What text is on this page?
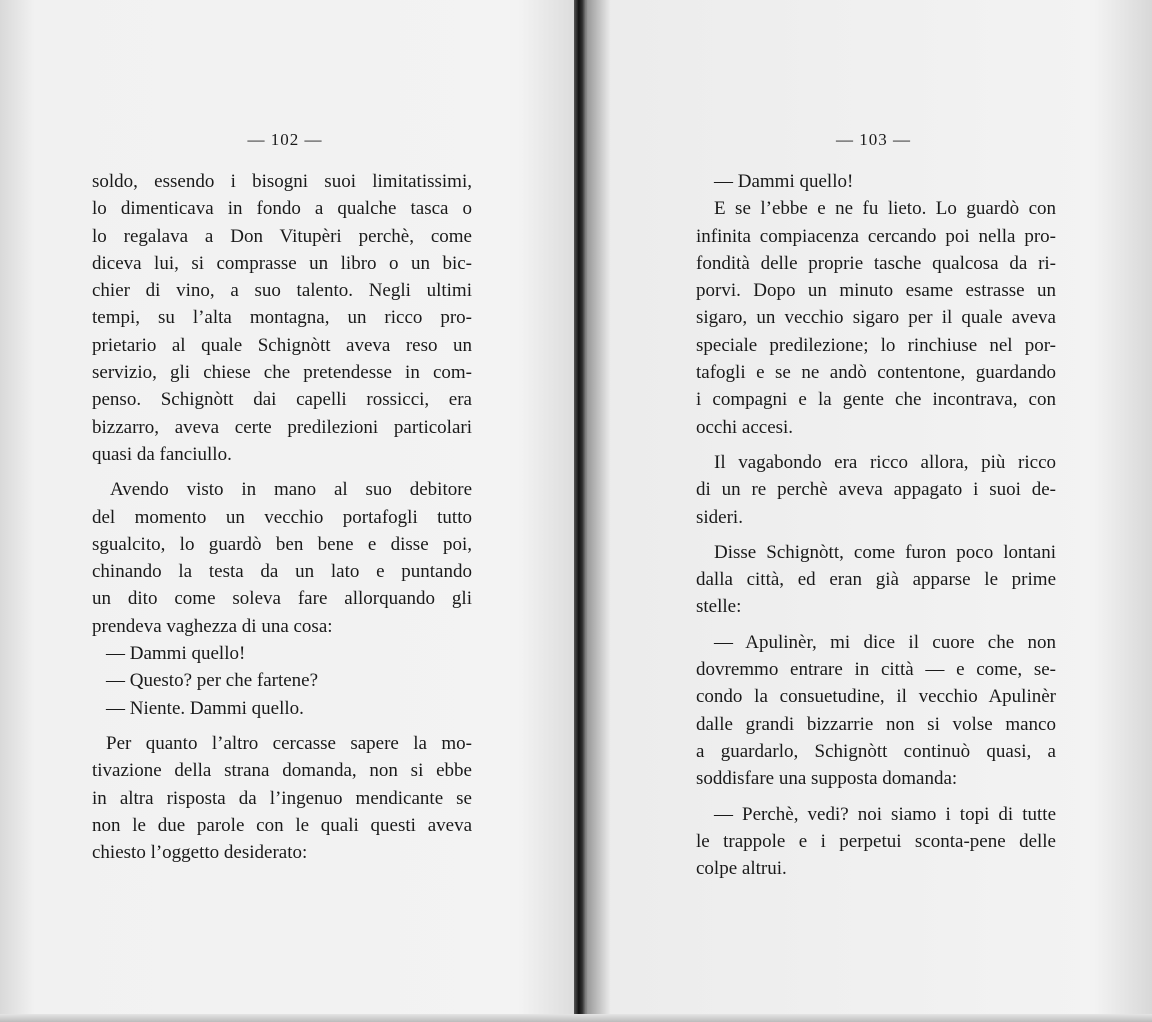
— 102 —
soldo, essendo i bisogni suoi limitatissimi,
lo dimenticava in fondo a qualche tasca o
lo regalava a Don Vitupèri perchè, come
diceva lui, si comprasse un libro o un bic-
chier di vino, a suo talento. Negli ultimi
tempi, su l’alta montagna, un ricco pro-
prietario al quale Schignòtt aveva reso un
servizio, gli chiese che pretendesse in com-
penso. Schignòtt dai capelli rossicci, era
bizzarro, aveva certe predilezioni particolari
quasi da fanciullo.
Avendo visto in mano al suo debitore
del momento un vecchio portafogli tutto
sgualcito, lo guardò ben bene e disse poi,
chinando la testa da un lato e puntando
un dito come soleva fare allorquando gli
prendeva vaghezza di una cosa:
— Dammi quello!
— Questo? per che fartene?
— Niente. Dammi quello.
Per quanto l’altro cercasse sapere la mo-
tivazione della strana domanda, non si ebbe
in altra risposta da l’ingenuo mendicante se
non le due parole con le quali questi aveva
chiesto l’oggetto desiderato:
— 103 —
— Dammi quello!
E se l’ebbe e ne fu lieto. Lo guardò con
infinita compiacenza cercando poi nella pro-
fondità delle proprie tasche qualcosa da ri-
porvi. Dopo un minuto esame estrasse un
sigaro, un vecchio sigaro per il quale aveva
speciale predilezione; lo rinchiuse nel por-
tafogli e se ne andò contentone, guardando
i compagni e la gente che incontrava, con
occhi accesi.
Il vagabondo era ricco allora, più ricco
di un re perchè aveva appagato i suoi de-
sideri.
Disse Schignòtt, come furon poco lontani
dalla città, ed eran già apparse le prime
stelle:
— Apulinèr, mi dice il cuore che non
dovremmo entrare in città — e come, se-
condo la consuetudine, il vecchio Apulinèr
dalle grandi bizzarrie non si volse manco
a guardarlo, Schignòtt continuò quasi, a
soddisfare una supposta domanda:
— Perchè, vedi? noi siamo i topi di tutte
le trappole e i perpetui sconta-pene delle
colpe altrui.
